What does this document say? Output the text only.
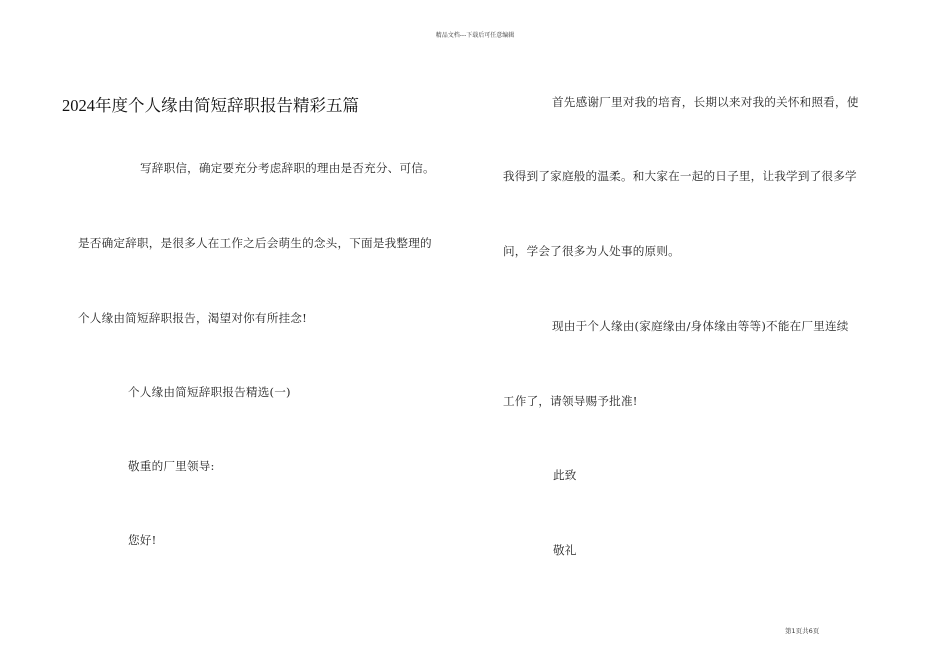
精品文档---下载后可任意编辑
2024年度个人缘由简短辞职报告精彩五篇
写辞职信，确定要充分考虑辞职的理由是否充分、可信。
是否确定辞职，是很多人在工作之后会萌生的念头，下面是我整理的
个人缘由简短辞职报告，渴望对你有所挂念!
个人缘由简短辞职报告精选(一)
敬重的厂里领导:
您好!
首先感谢厂里对我的培育，长期以来对我的关怀和照看，使
我得到了家庭般的温柔。和大家在一起的日子里，让我学到了很多学
问，学会了很多为人处事的原则。
现由于个人缘由(家庭缘由/身体缘由等等)不能在厂里连续
工作了，请领导赐予批准!
此致
敬礼
第1页共6页
